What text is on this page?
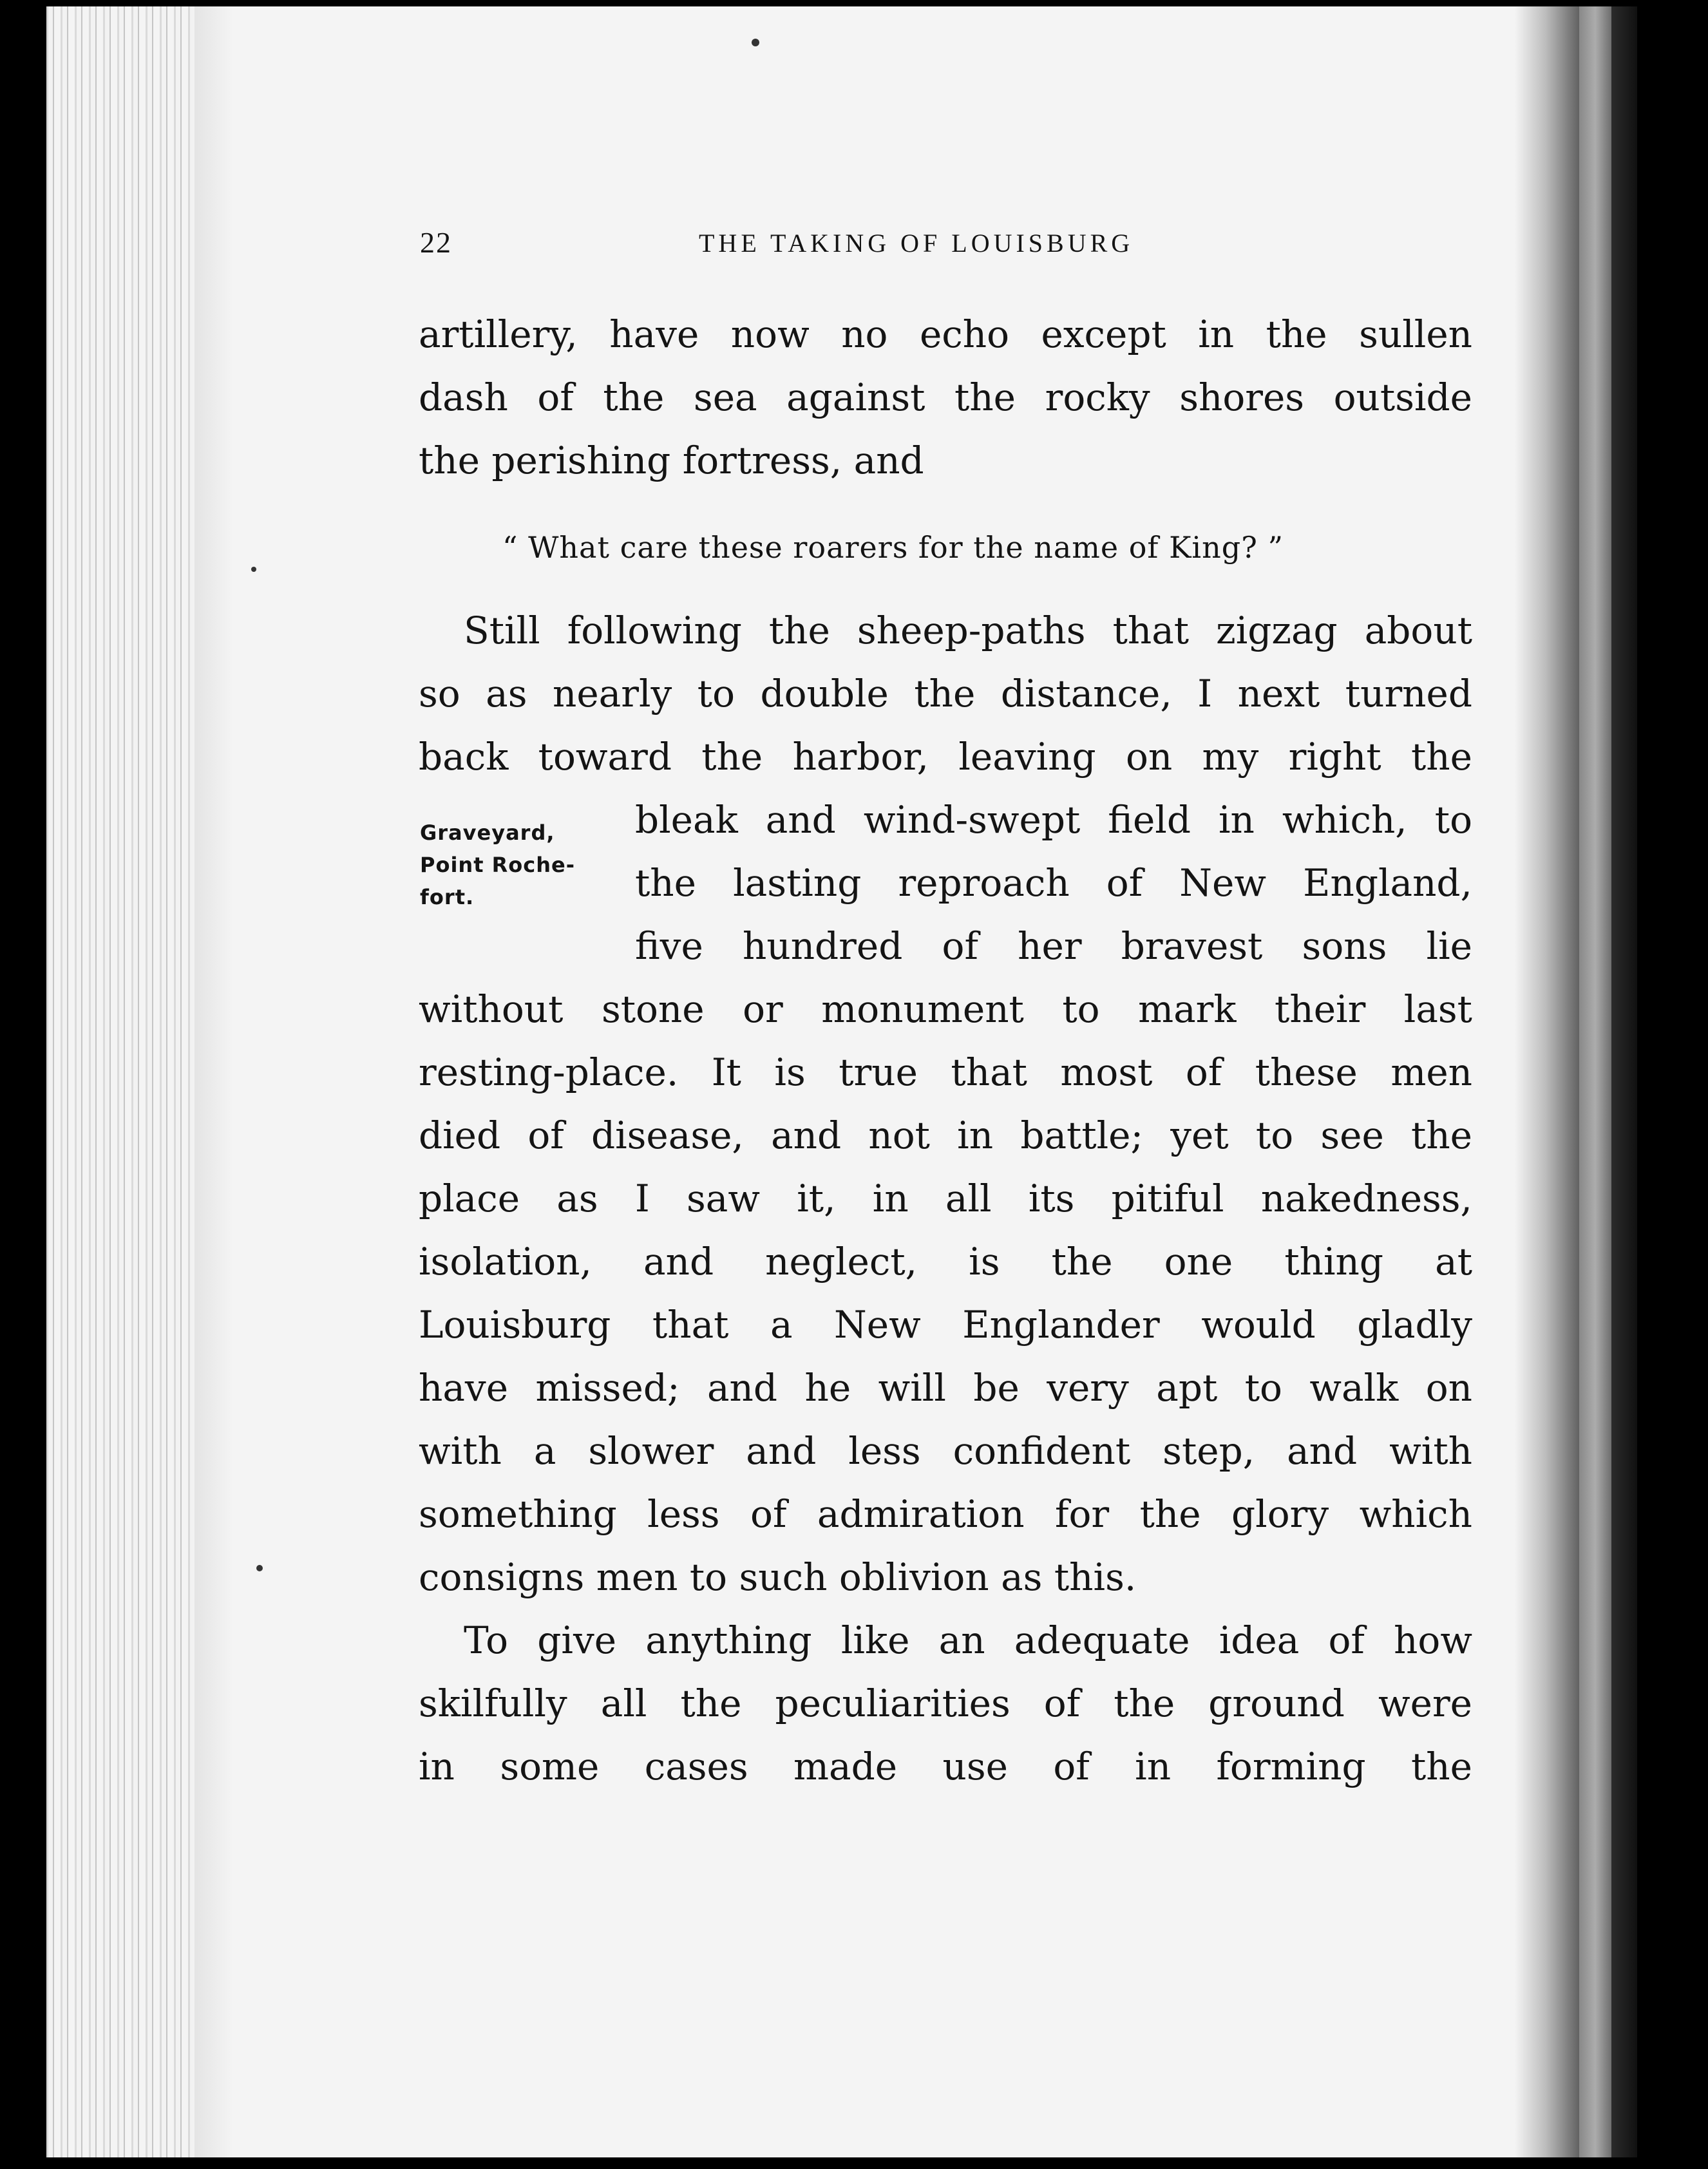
22	THE TAKING OF LOUISBURG
artillery, have now no echo except in the sullen
dash of the sea against the rocky shores outside
the perishing fortress, and
“ What care these roarers for the name of King? ”
Still following the sheep-paths that zigzag about
so as nearly to double the distance, I next turned
back toward the harbor, leaving on my right the
Graveyard,
Point Roche-
fort.
bleak and wind-swept field in which, to
the lasting reproach of New England,
five hundred of her bravest sons lie
without stone or monument to mark their last
resting-place. It is true that most of these men
died of disease, and not in battle; yet to see the
place as I saw it, in all its pitiful nakedness,
isolation, and neglect, is the one thing at
Louisburg that a New Englander would gladly
have missed; and he will be very apt to walk on
with a slower and less confident step, and with
something less of admiration for the glory which
consigns men to such oblivion as this.
To give anything like an adequate idea of how
skilfully all the peculiarities of the ground were
in some cases made use of in forming the
